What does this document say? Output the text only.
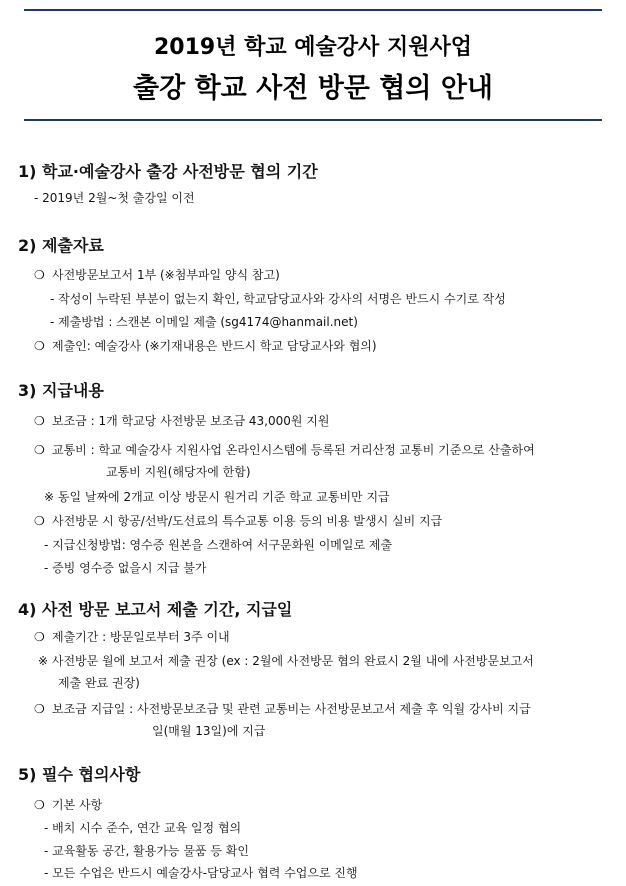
2019년 학교 예술강사 지원사업
출강 학교 사전 방문 협의 안내
1) 학교·예술강사 출강 사전방문 협의 기간
- 2019년 2월~첫 출강일 이전
2) 제출자료
❍ 사전방문보고서 1부 (※첨부파일 양식 참고)
- 작성이 누락된 부분이 없는지 확인, 학교담당교사와 강사의 서명은 반드시 수기로 작성
- 제출방법 : 스캔본 이메일 제출 (sg4174@hanmail.net)
❍ 제출인: 예술강사 (※기재내용은 반드시 학교 담당교사와 협의)
3) 지급내용
❍ 보조금 : 1개 학교당 사전방문 보조금 43,000원 지원
❍ 교통비 : 학교 예술강사 지원사업 온라인시스템에 등록된 거리산정 교통비 기준으로 산출하여
교통비 지원(해당자에 한함)
※ 동일 날짜에 2개교 이상 방문시 원거리 기준 학교 교통비만 지급
❍ 사전방문 시 항공/선박/도선료의 특수교통 이용 등의 비용 발생시 실비 지급
- 지급신청방법: 영수증 원본을 스캔하여 서구문화원 이메일로 제출
- 증빙 영수증 없을시 지급 불가
4) 사전 방문 보고서 제출 기간, 지급일
❍ 제출기간 : 방문일로부터 3주 이내
※ 사전방문 월에 보고서 제출 권장 (ex : 2월에 사전방문 협의 완료시 2월 내에 사전방문보고서
제출 완료 권장)
❍ 보조금 지급일 : 사전방문보조금 및 관련 교통비는 사전방문보고서 제출 후 익월 강사비 지급
일(매월 13일)에 지급
5) 필수 협의사항
❍ 기본 사항
- 배치 시수 준수, 연간 교육 일정 협의
- 교육활동 공간, 활용가능 물품 등 확인
- 모든 수업은 반드시 예술강사-담당교사 협력 수업으로 진행
